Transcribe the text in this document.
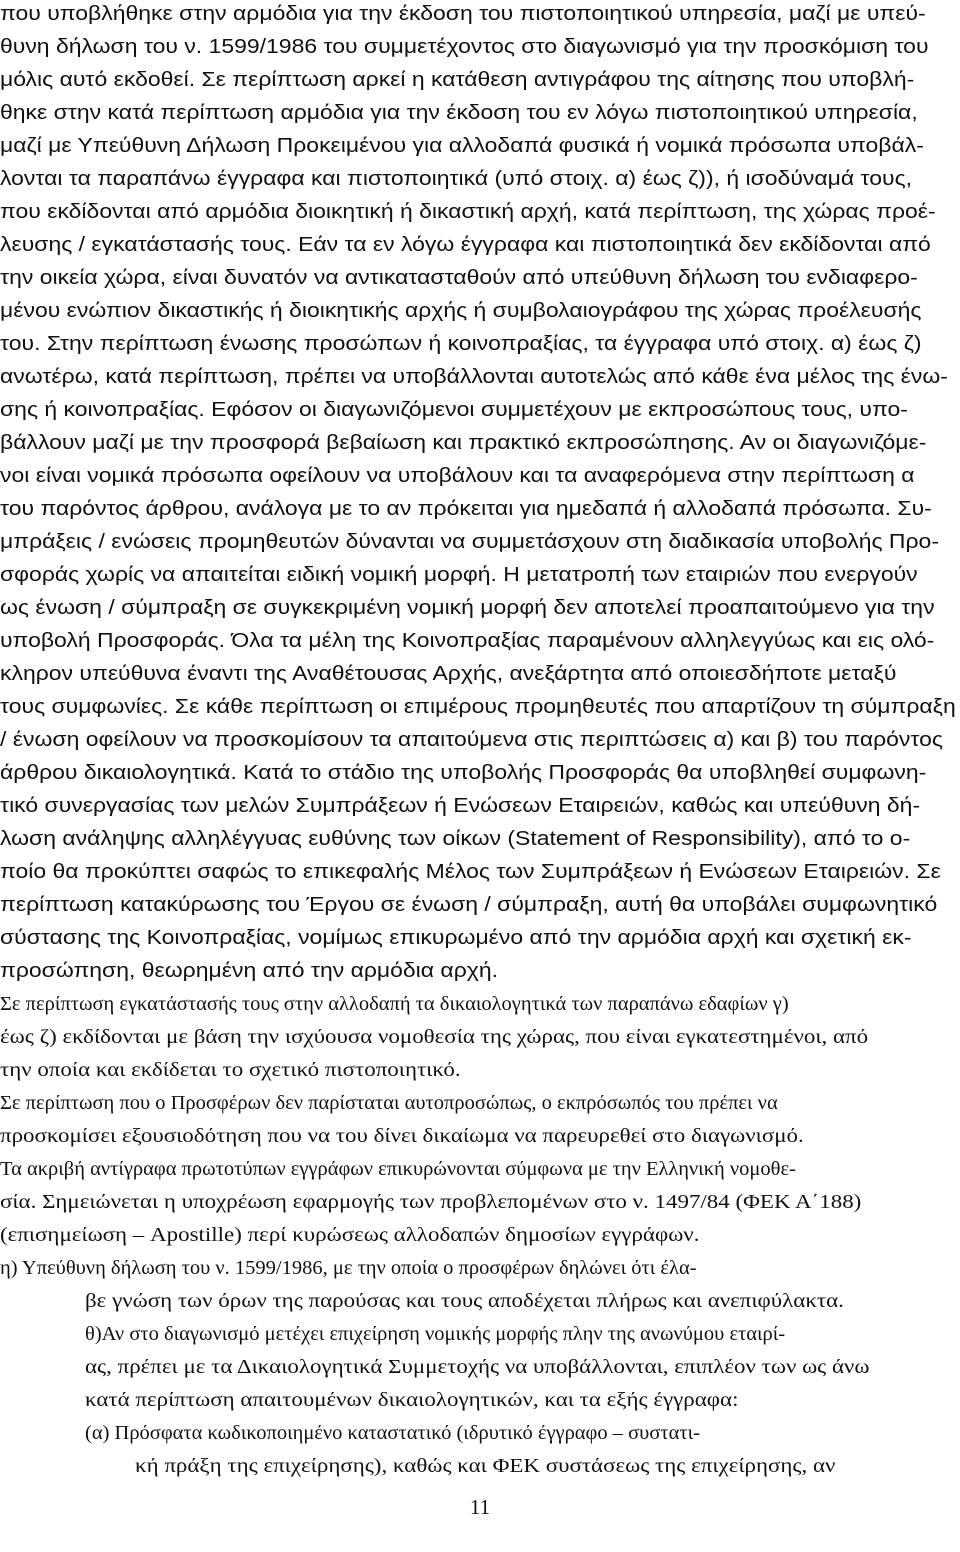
που υποβλήθηκε στην αρμόδια για την έκδοση του πιστοποιητικού υπηρεσία, μαζί με υπεύ-
θυνη δήλωση του ν. 1599/1986 του συμμετέχοντος στο διαγωνισμό για την προσκόμιση του
μόλις αυτό εκδοθεί. Σε περίπτωση αρκεί η κατάθεση αντιγράφου της αίτησης που υποβλή-
θηκε στην κατά περίπτωση αρμόδια για την έκδοση του εν λόγω πιστοποιητικού υπηρεσία,
μαζί με Υπεύθυνη Δήλωση Προκειμένου για αλλοδαπά φυσικά ή νομικά πρόσωπα υποβάλ-
λονται τα παραπάνω έγγραφα και πιστοποιητικά (υπό στοιχ. α) έως ζ)), ή ισοδύναμά τους,
που εκδίδονται από αρμόδια διοικητική ή δικαστική αρχή, κατά περίπτωση, της χώρας προέ-
λευσης / εγκατάστασής τους. Εάν τα εν λόγω έγγραφα και πιστοποιητικά δεν εκδίδονται από
την οικεία χώρα, είναι δυνατόν να αντικατασταθούν από υπεύθυνη δήλωση του ενδιαφερο-
μένου ενώπιον δικαστικής ή διοικητικής αρχής ή συμβολαιογράφου της χώρας προέλευσής
του. Στην περίπτωση ένωσης προσώπων ή κοινοπραξίας, τα έγγραφα υπό στοιχ. α) έως ζ)
ανωτέρω, κατά περίπτωση, πρέπει να υποβάλλονται αυτοτελώς από κάθε ένα μέλος της ένω-
σης ή κοινοπραξίας. Εφόσον οι διαγωνιζόμενοι συμμετέχουν με εκπροσώπους τους, υπο-
βάλλουν μαζί με την προσφορά βεβαίωση και πρακτικό εκπροσώπησης. Αν οι διαγωνιζόμε-
νοι είναι νομικά πρόσωπα οφείλουν να υποβάλουν και τα αναφερόμενα στην περίπτωση α
του παρόντος άρθρου, ανάλογα με το αν πρόκειται για ημεδαπά ή αλλοδαπά πρόσωπα. Συ-
μπράξεις / ενώσεις προμηθευτών δύνανται να συμμετάσχουν στη διαδικασία υποβολής Προ-
σφοράς χωρίς να απαιτείται ειδική νομική μορφή. Η μετατροπή των εταιριών που ενεργούν
ως ένωση / σύμπραξη σε συγκεκριμένη νομική μορφή δεν αποτελεί προαπαιτούμενο για την
υποβολή Προσφοράς. Όλα τα μέλη της Κοινοπραξίας παραμένουν αλληλεγγύως και εις ολό-
κληρον υπεύθυνα έναντι της Αναθέτουσας Αρχής, ανεξάρτητα από οποιεσδήποτε μεταξύ
τους συμφωνίες. Σε κάθε περίπτωση οι επιμέρους προμηθευτές που απαρτίζουν τη σύμπραξη
/ ένωση οφείλουν να προσκομίσουν τα απαιτούμενα στις περιπτώσεις α) και β) του παρόντος
άρθρου δικαιολογητικά. Κατά το στάδιο της υποβολής Προσφοράς θα υποβληθεί συμφωνη-
τικό συνεργασίας των μελών Συμπράξεων ή Ενώσεων Εταιρειών, καθώς και υπεύθυνη δή-
λωση ανάληψης αλληλέγγυας ευθύνης των οίκων (Statement of Responsibility), από το ο-
ποίο θα προκύπτει σαφώς το επικεφαλής Μέλος των Συμπράξεων ή Ενώσεων Εταιρειών. Σε
περίπτωση κατακύρωσης του Έργου σε ένωση / σύμπραξη, αυτή θα υποβάλει συμφωνητικό
σύστασης της Κοινοπραξίας, νομίμως επικυρωμένο από την αρμόδια αρχή και σχετική εκ-
προσώπηση, θεωρημένη από την αρμόδια αρχή.
Σε περίπτωση εγκατάστασής τους στην αλλοδαπή τα δικαιολογητικά των παραπάνω εδαφίων γ)
έως ζ) εκδίδονται με βάση την ισχύουσα νομοθεσία της χώρας, που είναι εγκατεστημένοι, από
την οποία και εκδίδεται το σχετικό πιστοποιητικό.
Σε περίπτωση που ο Προσφέρων δεν παρίσταται αυτοπροσώπως, ο εκπρόσωπός του πρέπει να
προσκομίσει εξουσιοδότηση που να του δίνει δικαίωμα να παρευρεθεί στο διαγωνισμό.
Τα ακριβή αντίγραφα πρωτοτύπων εγγράφων επικυρώνονται σύμφωνα με την Ελληνική νομοθε-
σία. Σημειώνεται η υποχρέωση εφαρμογής των προβλεπομένων στο ν. 1497/84 (ΦΕΚ Α΄188)
(επισημείωση – Apostille) περί κυρώσεως αλλοδαπών δημοσίων εγγράφων.
η) Υπεύθυνη δήλωση του ν. 1599/1986, με την οποία ο προσφέρων δηλώνει ότι έλα-
βε γνώση των όρων της παρούσας και τους αποδέχεται πλήρως και ανεπιφύλακτα.
θ)Αν στο διαγωνισμό μετέχει επιχείρηση νομικής μορφής πλην της ανωνύμου εταιρί-
ας, πρέπει με τα Δικαιολογητικά Συμμετοχής να υποβάλλονται, επιπλέον των ως άνω
κατά περίπτωση απαιτουμένων δικαιολογητικών, και τα εξής έγγραφα:
(α) Πρόσφατα κωδικοποιημένο καταστατικό (ιδρυτικό έγγραφο – συστατι-
κή πράξη της επιχείρησης), καθώς και ΦΕΚ συστάσεως της επιχείρησης, αν
11
